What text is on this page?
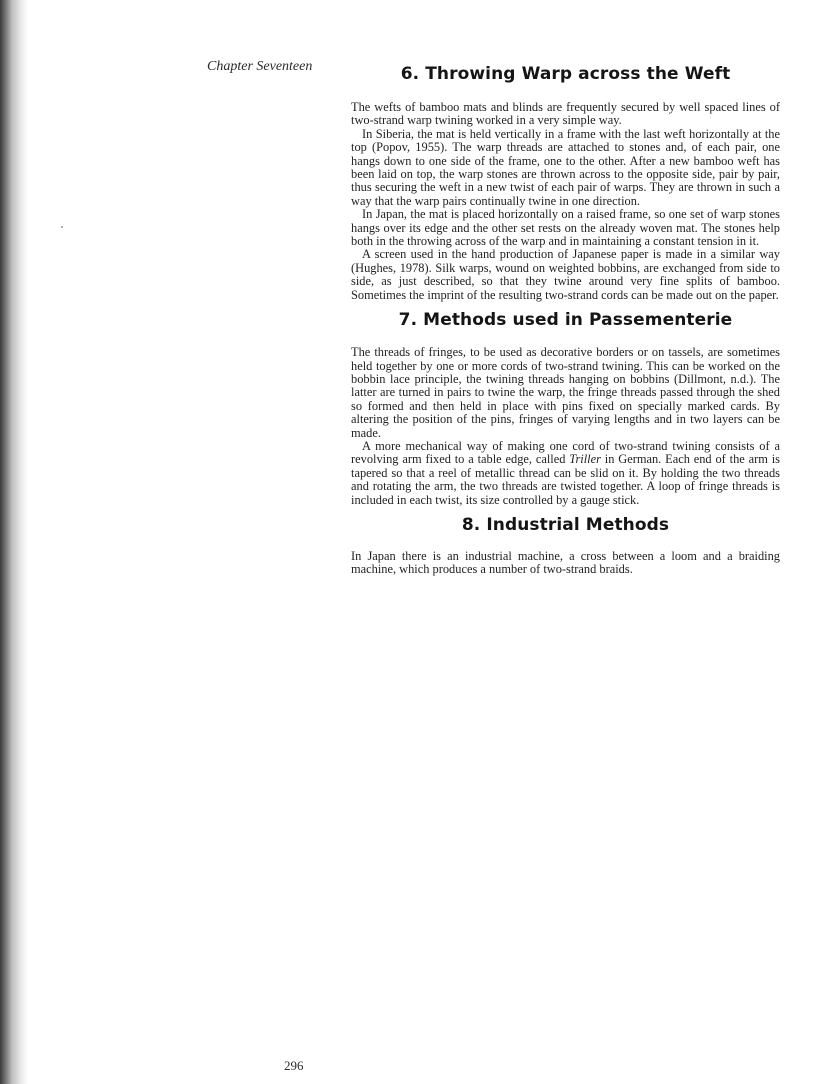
Chapter Seventeen	6. Throwing Warp across the Weft

The wefts of bamboo mats and blinds are frequently secured by well spaced lines of two-strand warp twining worked in a very simple way.

In Siberia, the mat is held vertically in a frame with the last weft horizontally at the top (Popov, 1955). The warp threads are attached to stones and, of each pair, one hangs down to one side of the frame, one to the other. After a new bamboo weft has been laid on top, the warp stones are thrown across to the opposite side, pair by pair, thus securing the weft in a new twist of each pair of warps. They are thrown in such a way that the warp pairs continually twine in one direction.

In Japan, the mat is placed horizontally on a raised frame, so one set of warp stones hangs over its edge and the other set rests on the already woven mat. The stones help both in the throwing across of the warp and in maintaining a constant tension in it.

A screen used in the hand production of Japanese paper is made in a similar way (Hughes, 1978). Silk warps, wound on weighted bobbins, are exchanged from side to side, as just described, so that they twine around very fine splits of bamboo. Sometimes the imprint of the resulting two-strand cords can be made out on the paper.

7. Methods used in Passementerie

The threads of fringes, to be used as decorative borders or on tassels, are sometimes held together by one or more cords of two-strand twining. This can be worked on the bobbin lace principle, the twining threads hanging on bobbins (Dillmont, n.d.). The latter are turned in pairs to twine the warp, the fringe threads passed through the shed so formed and then held in place with pins fixed on specially marked cards. By altering the position of the pins, fringes of varying lengths and in two layers can be made.

A more mechanical way of making one cord of two-strand twining consists of a revolving arm fixed to a table edge, called Triller in German. Each end of the arm is tapered so that a reel of metallic thread can be slid on it. By holding the two threads and rotating the arm, the two threads are twisted together. A loop of fringe threads is included in each twist, its size controlled by a gauge stick.

8. Industrial Methods

In Japan there is an industrial machine, a cross between a loom and a braiding machine, which produces a number of two-strand braids.

296
